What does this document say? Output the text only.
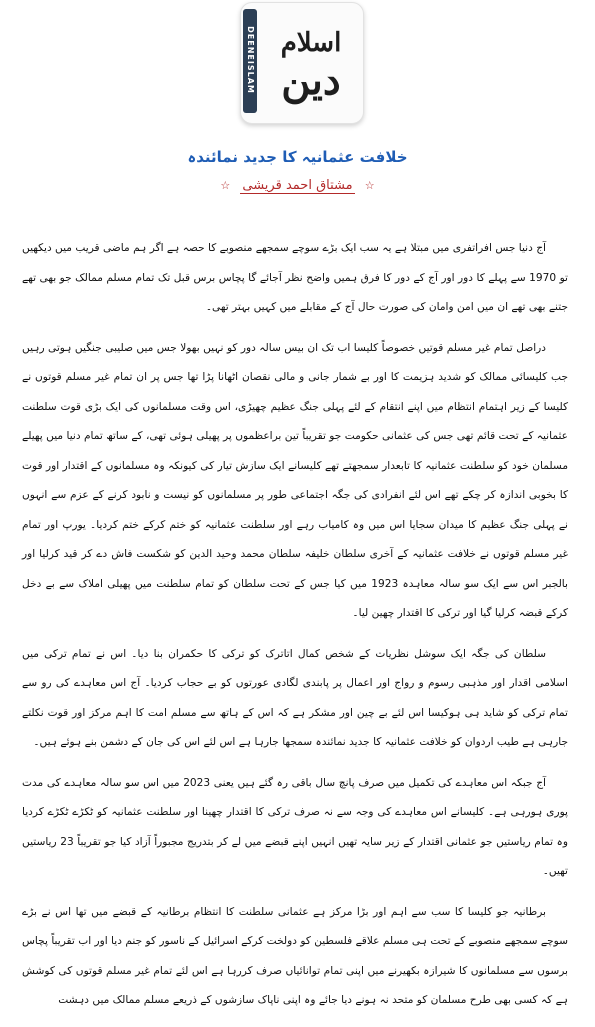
DEENEISLAM اسلام
دین
خلافت عثمانیہ کا جدید نمائندہ
☆ مشتاق احمد قریشی ☆

آج دنیا جس افراتفری میں مبتلا ہے یہ سب ایک بڑے سوچے سمجھے منصوبے کا حصہ ہے اگر ہم ماضی قریب میں دیکھیں تو 1970 سے پہلے کا دور اور آج کے دور کا فرق ہمیں واضح نظر آجائے گا پچاس برس قبل تک تمام مسلم ممالک جو بھی تھے جتنے بھی تھے ان میں امن وامان کی صورت حال آج کے مقابلے میں کہیں بہتر تھی۔

دراصل تمام غیر مسلم قوتیں خصوصاً کلیسا اب تک ان بیس سالہ دور کو نہیں بھولا جس میں صلیبی جنگیں ہوتی رہیں جب کلیسائی ممالک کو شدید ہزیمت کا اور بے شمار جانی و مالی نقصان اٹھانا پڑا تھا جس پر ان تمام غیر مسلم قوتوں نے کلیسا کے زیر اہتمام انتظام میں اپنے انتقام کے لئے پہلی جنگ عظیم چھیڑی، اس وقت مسلمانوں کی ایک بڑی قوت سلطنت عثمانیہ کے تحت قائم تھی جس کی عثمانی حکومت جو تقریباً تین براعظموں پر پھیلی ہوئی تھی، کے ساتھ تمام دنیا میں پھیلے مسلمان خود کو سلطنت عثمانیہ کا تابعدار سمجھتے تھے کلیسانے ایک سازش تیار کی کیونکہ وہ مسلمانوں کے اقتدار اور قوت کا بخوبی اندازہ کر چکے تھے اس لئے انفرادی کی جگہ اجتماعی طور پر مسلمانوں کو نیست و نابود کرنے کے عزم سے انہوں نے پہلی جنگ عظیم کا میدان سجایا اس میں وہ کامیاب رہے اور سلطنت عثمانیہ کو ختم کرکے ختم کردیا۔ یورپ اور تمام غیر مسلم قوتوں نے خلافت عثمانیہ کے آخری سلطان خلیفہ سلطان محمد وحید الدین کو شکست فاش دے کر قید کرلیا اور بالجبر اس سے ایک سو سالہ معاہدہ 1923 میں کیا جس کے تحت سلطان کو تمام سلطنت میں پھیلی املاک سے بے دخل کرکے قبضہ کرلیا گیا اور ترکی کا اقتدار چھین لیا۔

سلطان کی جگہ ایک سوشل نظریات کے شخص کمال اتاترک کو ترکی کا حکمران بنا دیا۔ اس نے تمام ترکی میں اسلامی اقدار اور مذہبی رسوم و رواج اور اعمال پر پابندی لگادی عورتوں کو بے حجاب کردیا۔ آج اس معاہدے کی رو سے تمام ترکی کو شاید ہی ہوکیسا اس لئے بے چین اور مشکر ہے کہ اس کے ہاتھ سے مسلم امت کا اہم مرکز اور قوت نکلتے جارہی ہے طیب اردوان کو خلافت عثمانیہ کا جدید نمائندہ سمجھا جارہا ہے اس لئے اس کی جان کے دشمن بنے ہوئے ہیں۔

آج جبکہ اس معاہدے کی تکمیل میں صرف پانچ سال باقی رہ گئے ہیں یعنی 2023 میں اس سو سالہ معاہدے کی مدت پوری ہورہی ہے۔ کلیسانے اس معاہدے کی وجہ سے نہ صرف ترکی کا اقتدار چھینا اور سلطنت عثمانیہ کو ٹکڑے ٹکڑے کردیا وہ تمام ریاستیں جو عثمانی اقتدار کے زیر سایہ تھیں انہیں اپنے قبضے میں لے کر بتدریج مجبوراً آزاد کیا جو تقریباً 23 ریاستیں تھیں۔

برطانیہ جو کلیسا کا سب سے اہم اور بڑا مرکز ہے عثمانی سلطنت کا انتظام برطانیہ کے قبضے میں تھا اس نے بڑے سوچے سمجھے منصوبے کے تحت ہی مسلم علاقے فلسطین کو دولخت کرکے اسرائیل کے ناسور کو جنم دیا اور اب تقریباً پچاس برسوں سے مسلمانوں کا شیرازہ بکھیرنے میں اپنی تمام توانائیاں صرف کررہا ہے اس لئے تمام غیر مسلم قوتوں کی کوشش ہے کہ کسی بھی طرح مسلمان کو متحد نہ ہونے دیا جائے وہ اپنی ناپاک سازشوں کے ذریعے مسلم ممالک میں دہشت
